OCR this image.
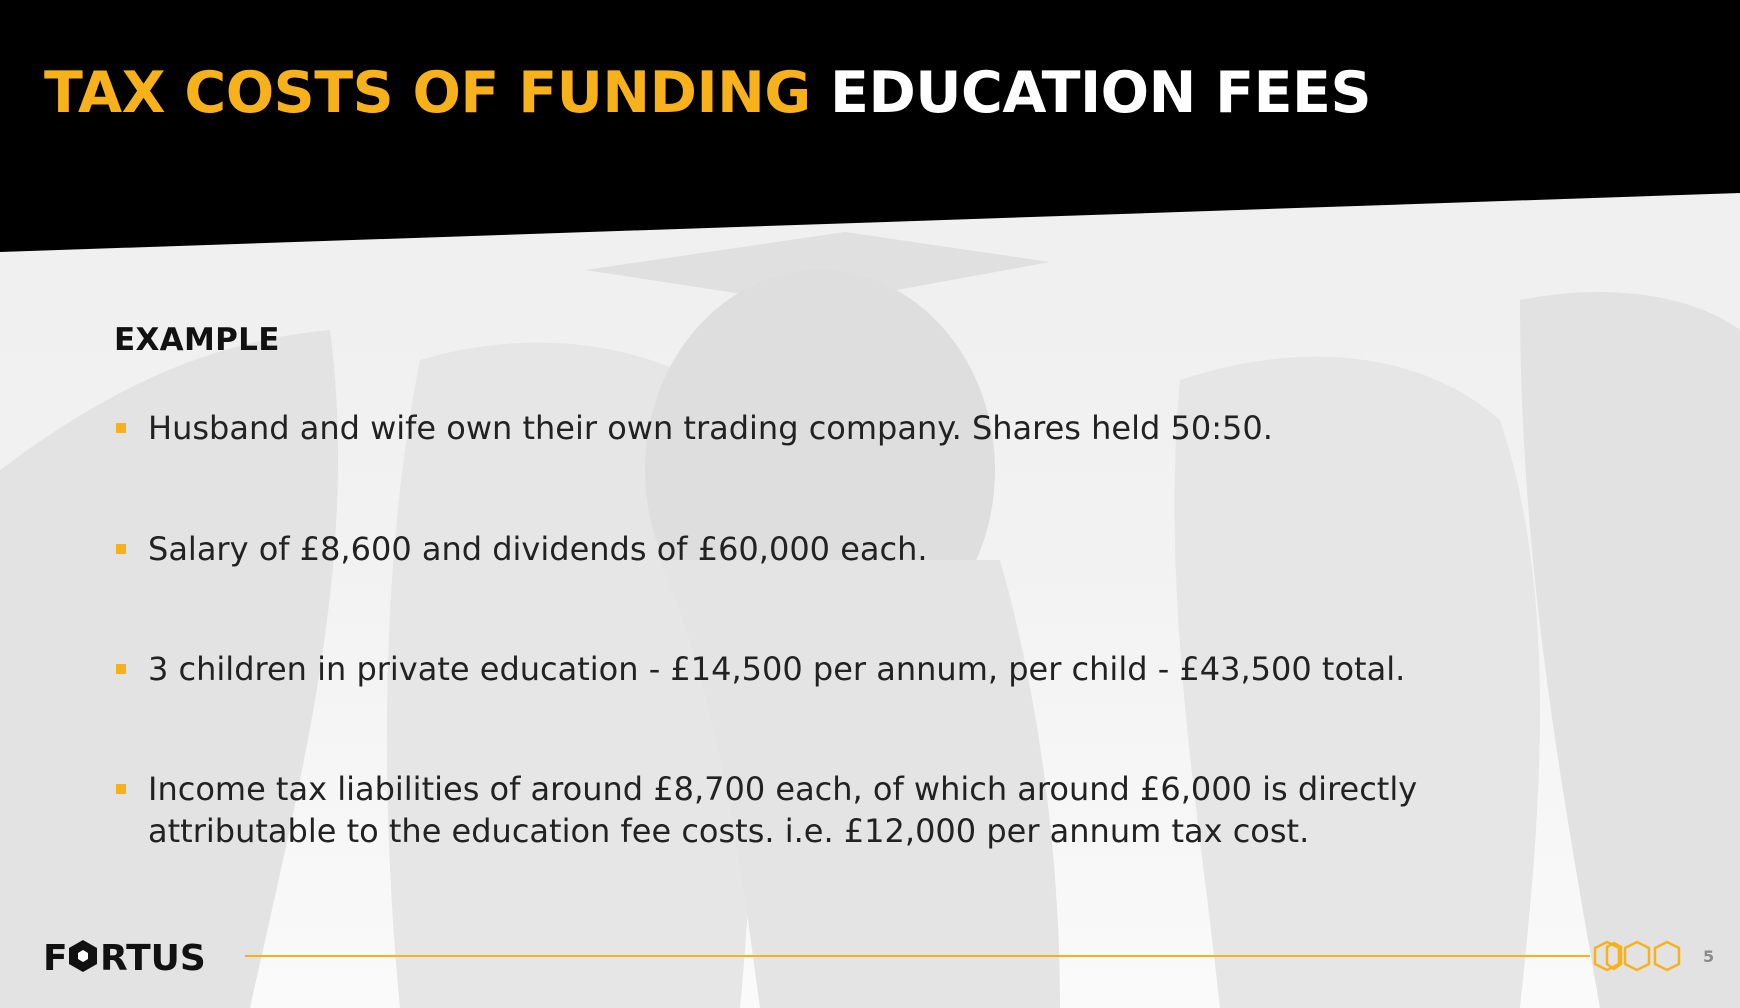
TAX COSTS OF FUNDING EDUCATION FEES
EXAMPLE
Husband and wife own their own trading company. Shares held 50:50.
Salary of £8,600 and dividends of £60,000 each.
3 children in private education - £14,500 per annum, per child - £43,500 total.
Income tax liabilities of around £8,700 each, of which around £6,000 is directly attributable to the education fee costs. i.e. £12,000 per annum tax cost.
F RTUS	5
